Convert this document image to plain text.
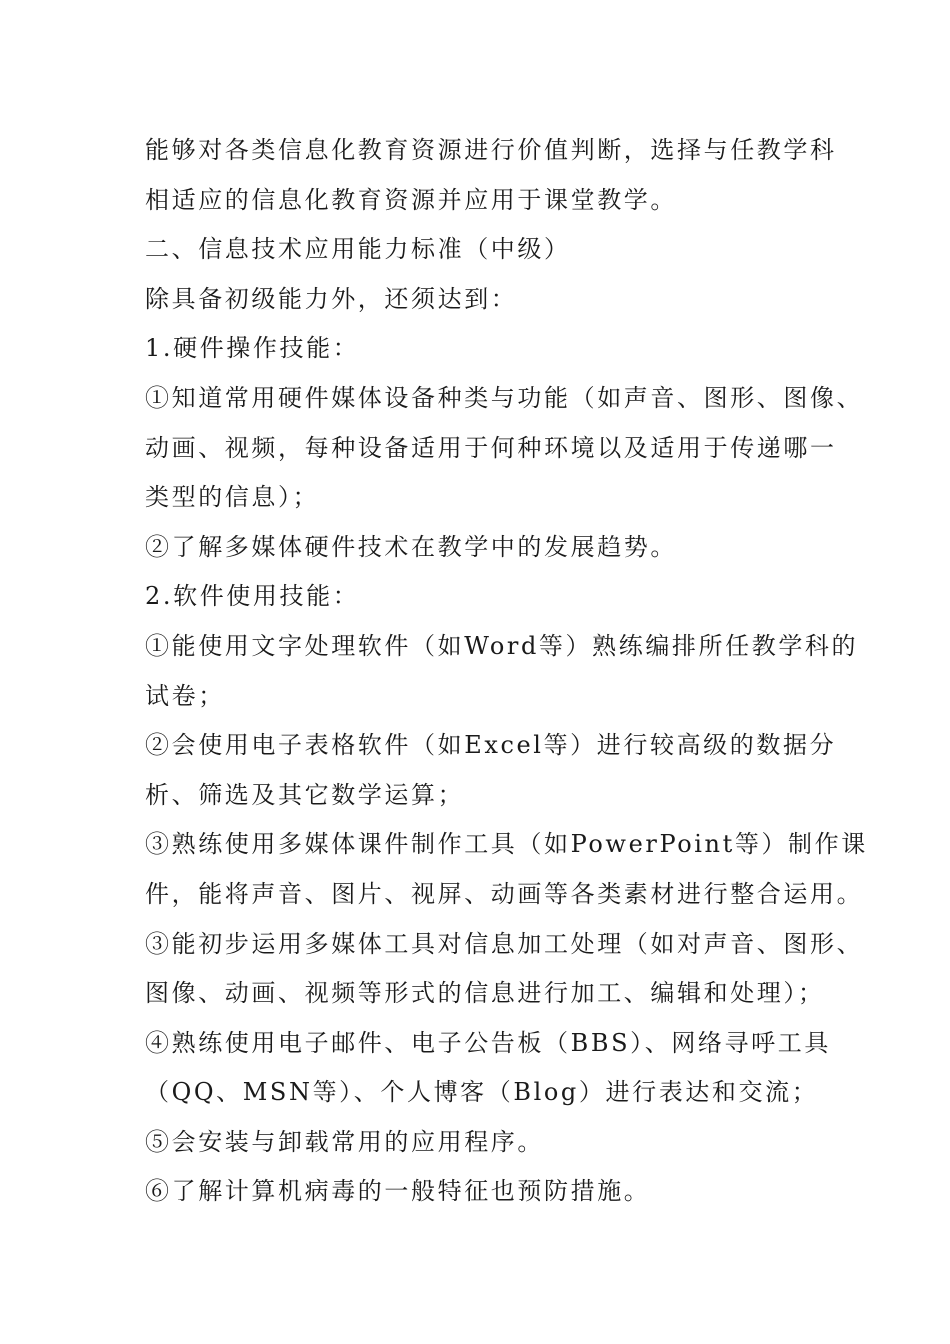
能够对各类信息化教育资源进行价值判断，选择与任教学科
相适应的信息化教育资源并应用于课堂教学。
二、信息技术应用能力标准（中级）
除具备初级能力外，还须达到：
1.硬件操作技能：
①知道常用硬件媒体设备种类与功能（如声音、图形、图像、
动画、视频，每种设备适用于何种环境以及适用于传递哪一
类型的信息）；
②了解多媒体硬件技术在教学中的发展趋势。
2.软件使用技能：
①能使用文字处理软件（如Word等）熟练编排所任教学科的
试卷；
②会使用电子表格软件（如Excel等）进行较高级的数据分
析、筛选及其它数学运算；
③熟练使用多媒体课件制作工具（如PowerPoint等）制作课
件，能将声音、图片、视屏、动画等各类素材进行整合运用。
③能初步运用多媒体工具对信息加工处理（如对声音、图形、
图像、动画、视频等形式的信息进行加工、编辑和处理）；
④熟练使用电子邮件、电子公告板（BBS）、网络寻呼工具
（QQ、MSN等）、个人博客（Blog）进行表达和交流；
⑤会安装与卸载常用的应用程序。
⑥了解计算机病毒的一般特征也预防措施。
